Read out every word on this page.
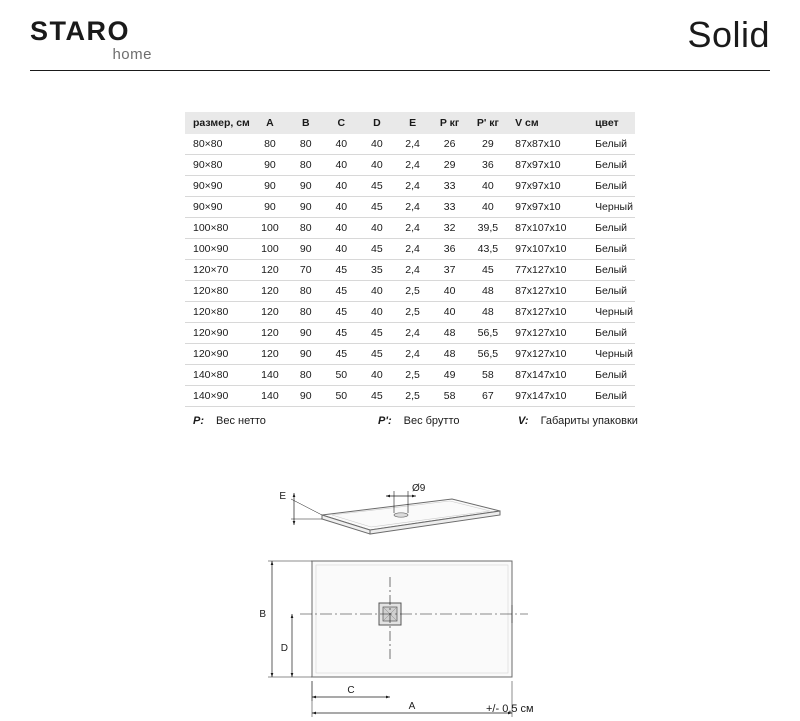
STARO
home	Solid
размер, см	A	B	C	D	E	P кг	P' кг	V см	цвет
80×80	80	80	40	40	2,4	26	29	87x87x10	Белый
90×80	90	80	40	40	2,4	29	36	87x97x10	Белый
90×90	90	90	40	45	2,4	33	40	97x97x10	Белый
90×90	90	90	40	45	2,4	33	40	97x97x10	Черный
100×80	100	80	40	40	2,4	32	39,5	87x107x10	Белый
100×90	100	90	40	45	2,4	36	43,5	97x107x10	Белый
120×70	120	70	45	35	2,4	37	45	77x127x10	Белый
120×80	120	80	45	40	2,5	40	48	87x127x10	Белый
120×80	120	80	45	40	2,5	40	48	87x127x10	Черный
120×90	120	90	45	45	2,4	48	56,5	97x127x10	Белый
120×90	120	90	45	45	2,4	48	56,5	97x127x10	Черный
140×80	140	80	50	40	2,5	49	58	87x147x10	Белый
140×90	140	90	50	45	2,5	58	67	97x147x10	Белый
P: Вес нетто	P': Вес брутто	V: Габариты упаковки
Ø9
E
B
D
C
A	+/- 0,5 см
